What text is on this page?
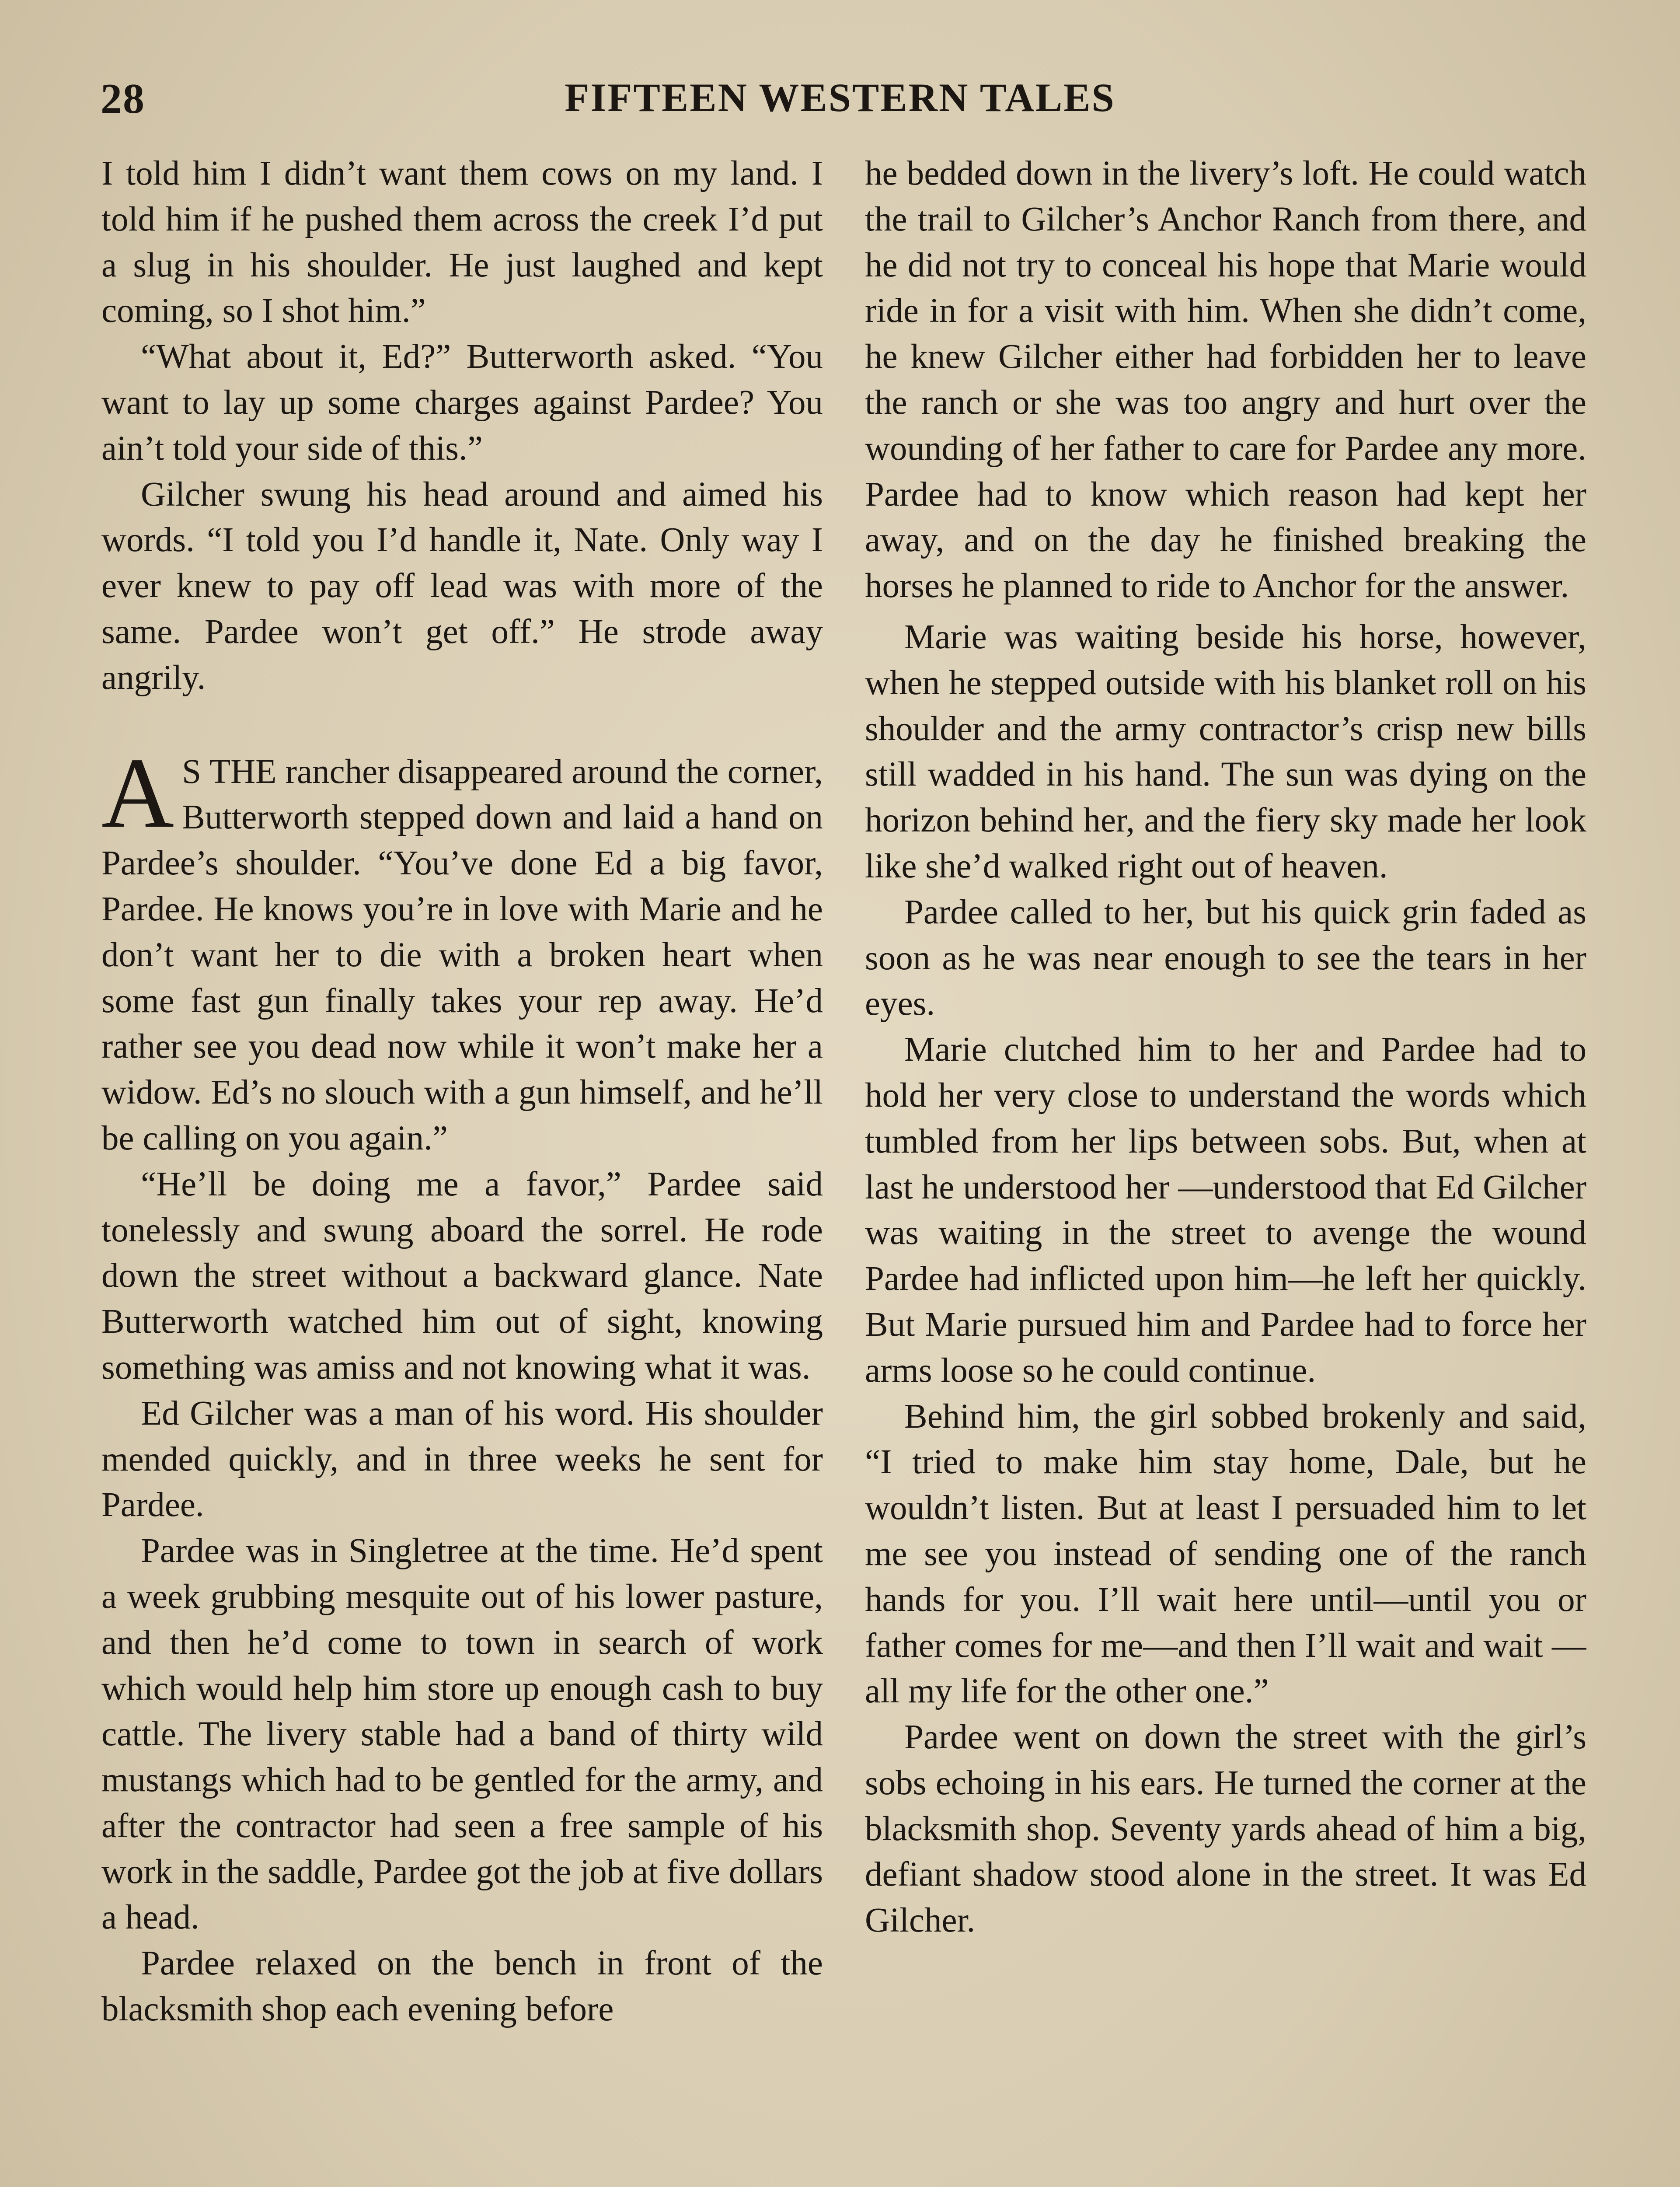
28	FIFTEEN WESTERN TALES

I told him I didn’t want them cows on my land. I told him if he pushed them across the creek I’d put a slug in his shoulder. He just laughed and kept coming, so I shot him.”

“What about it, Ed?” Butterworth asked. “You want to lay up some charges against Pardee? You ain’t told your side of this.”

Gilcher swung his head around and aimed his words. “I told you I’d handle it, Nate. Only way I ever knew to pay off lead was with more of the same. Pardee won’t get off.” He strode away angrily.

A S THE rancher disappeared around the corner, Butterworth stepped down and laid a hand on Pardee’s shoulder. “You’ve done Ed a big favor, Pardee. He knows you’re in love with Marie and he don’t want her to die with a broken heart when some fast gun finally takes your rep away. He’d rather see you dead now while it won’t make her a widow. Ed’s no slouch with a gun himself, and he’ll be calling on you again.”

“He’ll be doing me a favor,” Pardee said tonelessly and swung aboard the sorrel. He rode down the street without a backward glance. Nate Butterworth watched him out of sight, knowing something was amiss and not knowing what it was.

Ed Gilcher was a man of his word. His shoulder mended quickly, and in three weeks he sent for Pardee.

Pardee was in Singletree at the time. He’d spent a week grubbing mesquite out of his lower pasture, and then he’d come to town in search of work which would help him store up enough cash to buy cattle. The livery stable had a band of thirty wild mustangs which had to be gentled for the army, and after the contractor had seen a free sample of his work in the saddle, Pardee got the job at five dollars a head.

Pardee relaxed on the bench in front of the blacksmith shop each evening before

he bedded down in the livery’s loft. He could watch the trail to Gilcher’s Anchor Ranch from there, and he did not try to conceal his hope that Marie would ride in for a visit with him. When she didn’t come, he knew Gilcher either had forbidden her to leave the ranch or she was too angry and hurt over the wounding of her father to care for Pardee any more. Pardee had to know which reason had kept her away, and on the day he finished breaking the horses he planned to ride to Anchor for the answer.

Marie was waiting beside his horse, however, when he stepped outside with his blanket roll on his shoulder and the army contractor’s crisp new bills still wadded in his hand. The sun was dying on the horizon behind her, and the fiery sky made her look like she’d walked right out of heaven.

Pardee called to her, but his quick grin faded as soon as he was near enough to see the tears in her eyes.

Marie clutched him to her and Pardee had to hold her very close to understand the words which tumbled from her lips between sobs. But, when at last he understood her —understood that Ed Gilcher was waiting in the street to avenge the wound Pardee had inflicted upon him—he left her quickly. But Marie pursued him and Pardee had to force her arms loose so he could continue.

Behind him, the girl sobbed brokenly and said, “I tried to make him stay home, Dale, but he wouldn’t listen. But at least I persuaded him to let me see you instead of sending one of the ranch hands for you. I’ll wait here until—until you or father comes for me—and then I’ll wait and wait —all my life for the other one.”

Pardee went on down the street with the girl’s sobs echoing in his ears. He turned the corner at the blacksmith shop. Seventy yards ahead of him a big, defiant shadow stood alone in the street. It was Ed Gilcher.
